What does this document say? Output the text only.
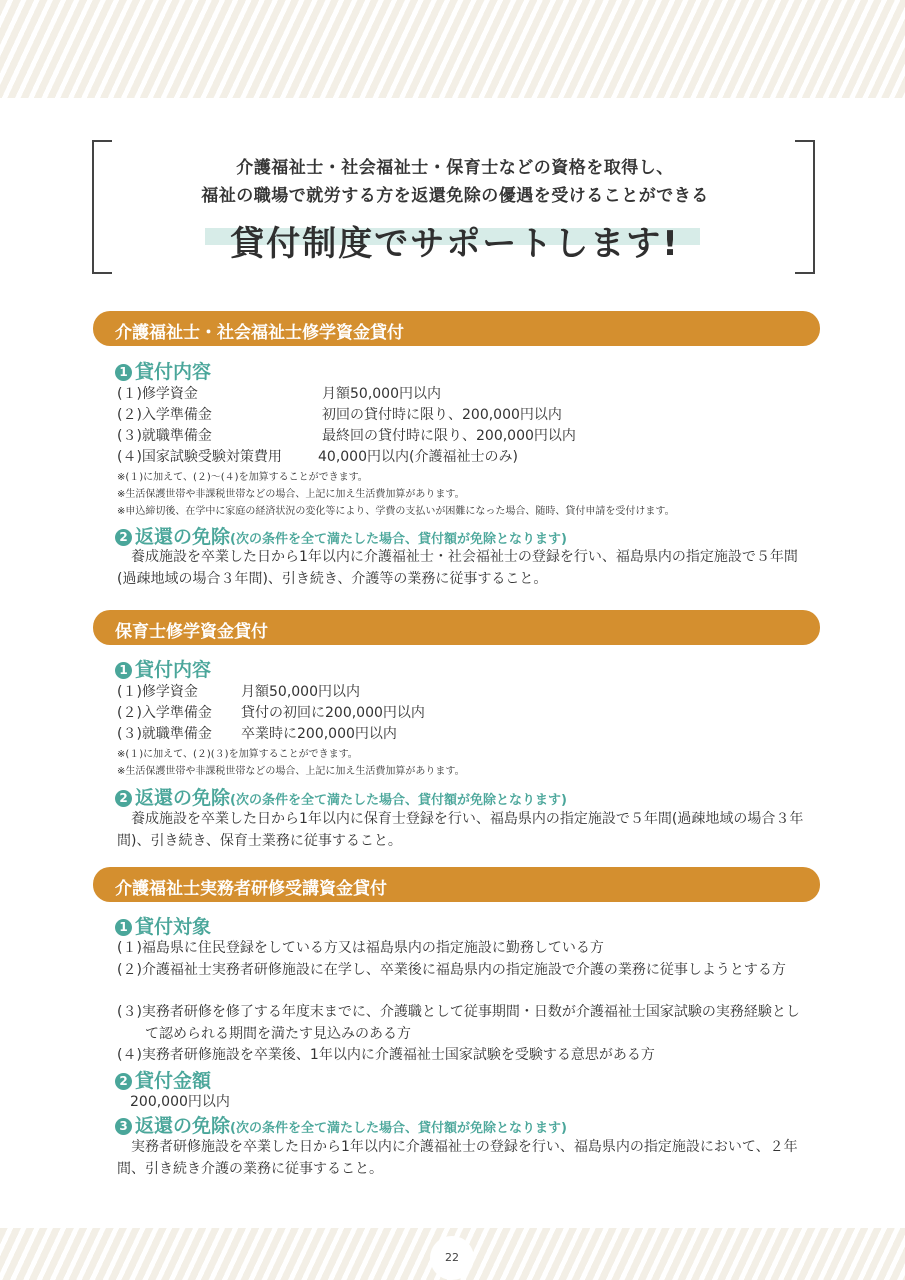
22
介護福祉士・社会福祉士・保育士などの資格を取得し、
福祉の職場で就労する方を返還免除の優遇を受けることができる
貸付制度でサポートします!
介護福祉士・社会福祉士修学資金貸付
1 貸付内容
(１)修学資金	月額50,000円以内
(２)入学準備金	初回の貸付時に限り、200,000円以内
(３)就職準備金	最終回の貸付時に限り、200,000円以内
(４)国家試験受験対策費用	40,000円以内(介護福祉士のみ)
※(１)に加えて、(２)〜(４)を加算することができます。
※生活保護世帯や非課税世帯などの場合、上記に加え生活費加算があります。
※申込締切後、在学中に家庭の経済状況の変化等により、学費の支払いが困難になった場合、随時、貸付申請を受付けます。
2 返還の免除(次の条件を全て満たした場合、貸付額が免除となります)
養成施設を卒業した日から1年以内に介護福祉士・社会福祉士の登録を行い、福島県内の指定施設で５年間(過疎地域の場合３年間)、引き続き、介護等の業務に従事すること。
保育士修学資金貸付
1 貸付内容
(１)修学資金	月額50,000円以内
(２)入学準備金 貸付の初回に200,000円以内
(３)就職準備金 卒業時に200,000円以内
※(１)に加えて、(２)(３)を加算することができます。
※生活保護世帯や非課税世帯などの場合、上記に加え生活費加算があります。
2 返還の免除(次の条件を全て満たした場合、貸付額が免除となります)
養成施設を卒業した日から1年以内に保育士登録を行い、福島県内の指定施設で５年間(過疎地域の場合３年間)、引き続き、保育士業務に従事すること。
介護福祉士実務者研修受講資金貸付
1 貸付対象
(１)福島県に住民登録をしている方又は福島県内の指定施設に勤務している方
(２)介護福祉士実務者研修施設に在学し、卒業後に福島県内の指定施設で介護の業務に従事しようとする方
(３)実務者研修を修了する年度末までに、介護職として従事期間・日数が介護福祉士国家試験の実務経験として認められる期間を満たす見込みのある方
(４)実務者研修施設を卒業後、1年以内に介護福祉士国家試験を受験する意思がある方
2 貸付金額
200,000円以内
3 返還の免除(次の条件を全て満たした場合、貸付額が免除となります)
実務者研修施設を卒業した日から1年以内に介護福祉士の登録を行い、福島県内の指定施設において、２年間、引き続き介護の業務に従事すること。
